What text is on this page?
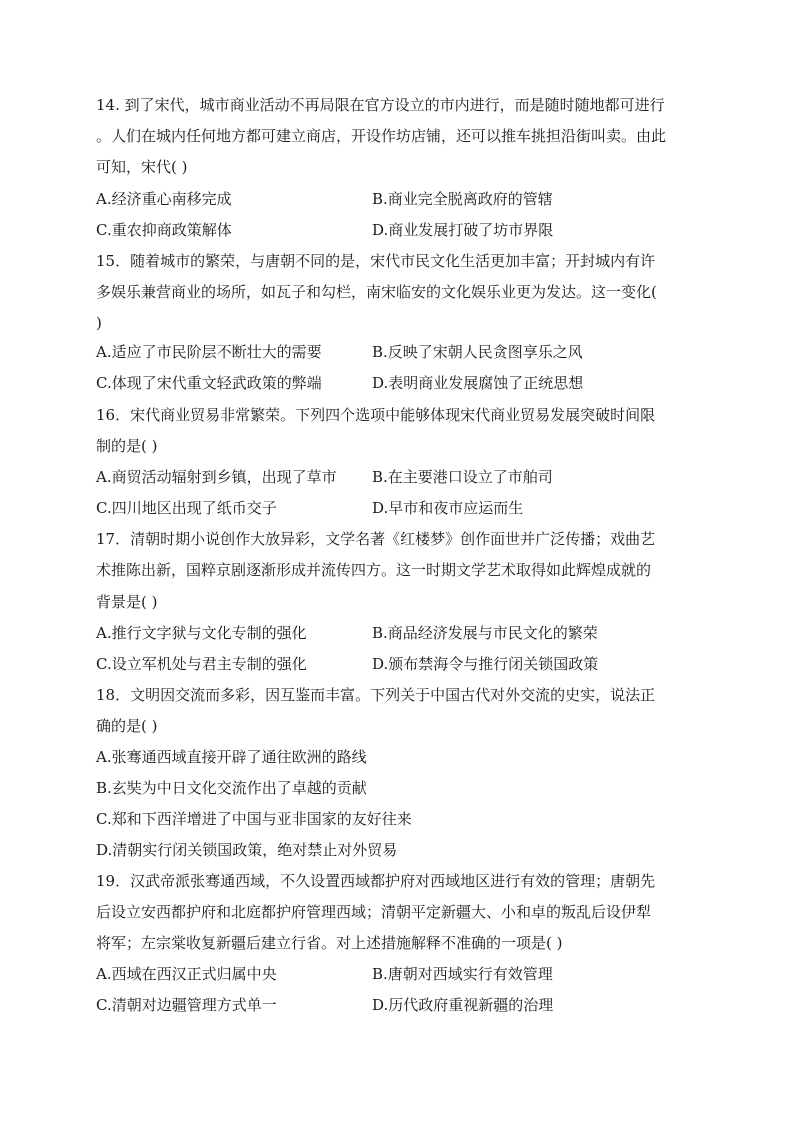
14. 到了宋代，城市商业活动不再局限在官方设立的市内进行，而是随时随地都可进行
。人们在城内任何地方都可建立商店，开设作坊店铺，还可以推车挑担沿街叫卖。由此
可知，宋代( )
A.经济重心南移完成	B.商业完全脱离政府的管辖
C.重农抑商政策解体	D.商业发展打破了坊市界限
15．随着城市的繁荣，与唐朝不同的是，宋代市民文化生活更加丰富；开封城内有许
多娱乐兼营商业的场所，如瓦子和勾栏，南宋临安的文化娱乐业更为发达。这一变化(
)
A.适应了市民阶层不断壮大的需要	B.反映了宋朝人民贪图享乐之风
C.体现了宋代重文轻武政策的弊端	D.表明商业发展腐蚀了正统思想
16．宋代商业贸易非常繁荣。下列四个选项中能够体现宋代商业贸易发展突破时间限
制的是( )
A.商贸活动辐射到乡镇，出现了草市 B.在主要港口设立了市舶司
C.四川地区出现了纸币交子	D.早市和夜市应运而生
17．清朝时期小说创作大放异彩，文学名著《红楼梦》创作面世并广泛传播；戏曲艺
术推陈出新，国粹京剧逐渐形成并流传四方。这一时期文学艺术取得如此辉煌成就的
背景是( )
A.推行文字狱与文化专制的强化	B.商品经济发展与市民文化的繁荣
C.设立军机处与君主专制的强化	D.颁布禁海令与推行闭关锁国政策
18．文明因交流而多彩，因互鉴而丰富。下列关于中国古代对外交流的史实，说法正
确的是( )
A.张骞通西域直接开辟了通往欧洲的路线
B.玄奘为中日文化交流作出了卓越的贡献
C.郑和下西洋增进了中国与亚非国家的友好往来
D.清朝实行闭关锁国政策，绝对禁止对外贸易
19．汉武帝派张骞通西域，不久设置西域都护府对西域地区进行有效的管理；唐朝先
后设立安西都护府和北庭都护府管理西域；清朝平定新疆大、小和卓的叛乱后设伊犁
将军；左宗棠收复新疆后建立行省。对上述措施解释不准确的一项是( )
A.西域在西汉正式归属中央	B.唐朝对西域实行有效管理
C.清朝对边疆管理方式单一	D.历代政府重视新疆的治理
